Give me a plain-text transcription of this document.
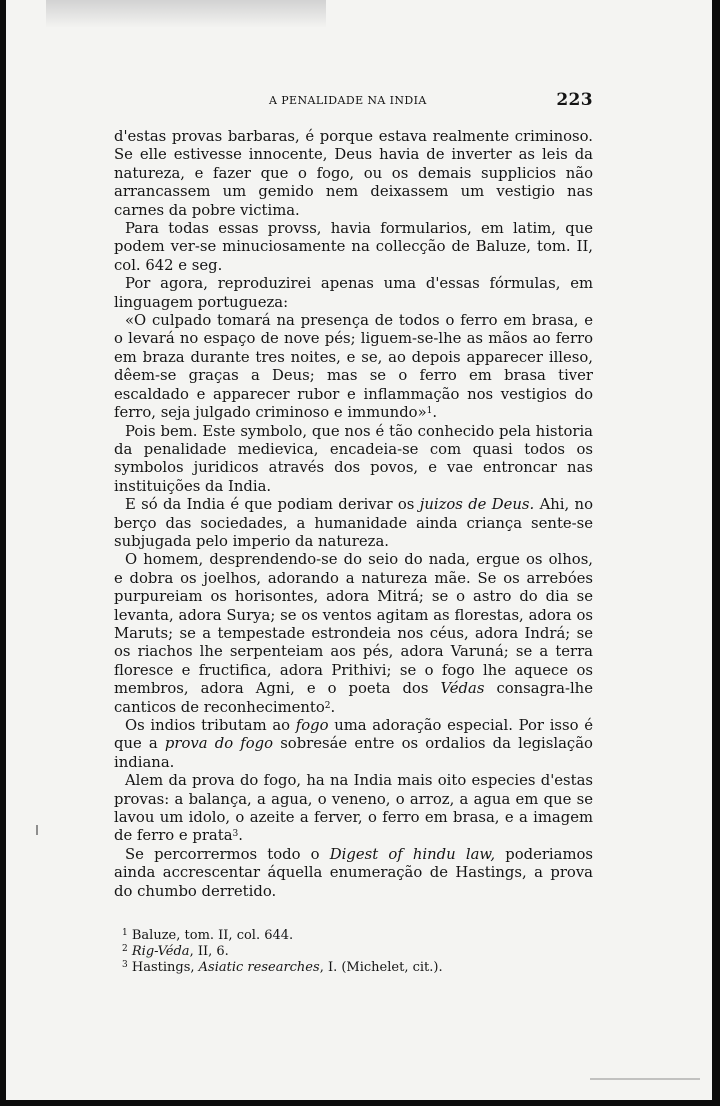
A PENALIDADE NA INDIA	223

d'estas provas barbaras, é porque estava realmente criminoso. Se elle estivesse innocente, Deus havia de inverter as leis da natureza, e fazer que o fogo, ou os demais supplicios não arrancassem um gemido nem deixassem um vestigio nas carnes da pobre victima.

Para todas essas provss, havia formularios, em latim, que podem ver-se minuciosamente na collecção de Baluze, tom. II, col. 642 e seg.

Por agora, reproduzirei apenas uma d'essas fórmulas, em linguagem portugueza:

«O culpado tomará na presença de todos o ferro em brasa, e o levará no espaço de nove pés; liguem-se-lhe as mãos ao ferro em braza durante tres noites, e se, ao depois apparecer illeso, dêem-se graças a Deus; mas se o ferro em brasa tiver escaldado e apparecer rubor e inflammação nos vestigios do ferro, seja julgado criminoso e immundo»$^1$.

Pois bem. Este symbolo, que nos é tão conhecido pela historia da penalidade medievica, encadeia-se com quasi todos os symbolos juridicos através dos povos, e vae entroncar nas instituições da India.

E só da India é que podiam derivar os juizos de Deus. Ahi, no berço das sociedades, a humanidade ainda criança sente-se subjugada pelo imperio da natureza.

O homem, desprendendo-se do seio do nada, ergue os olhos, e dobra os joelhos, adorando a natureza mãe. Se os arrebóes purpureiam os horisontes, adora Mitrá; se o astro do dia se levanta, adora Surya; se os ventos agitam as florestas, adora os Maruts; se a tempestade estrondeia nos céus, adora Indrá; se os riachos lhe serpenteiam aos pés, adora Varuná; se a terra floresce e fructifica, adora Prithivi; se o fogo lhe aquece os membros, adora Agni, e o poeta dos Védas consagra-lhe canticos de reconhecimento$^2$.

Os indios tributam ao fogo uma adoração especial. Por isso é que a prova do fogo sobresáe entre os ordalios da legislação indiana.

Alem da prova do fogo, ha na India mais oito especies d'estas provas: a balança, a agua, o veneno, o arroz, a agua em que se lavou um idolo, o azeite a ferver, o ferro em brasa, e a imagem de ferro e prata$^3$.

Se percorrermos todo o Digest of hindu law, poderiamos ainda accrescentar áquella enumeração de Hastings, a prova do chumbo derretido.

$^1$ Baluze, tom. II, col. 644.
$^2$ Rig-Véda, II, 6.
$^3$ Hastings, Asiatic researches, I. (Michelet, cit.).
